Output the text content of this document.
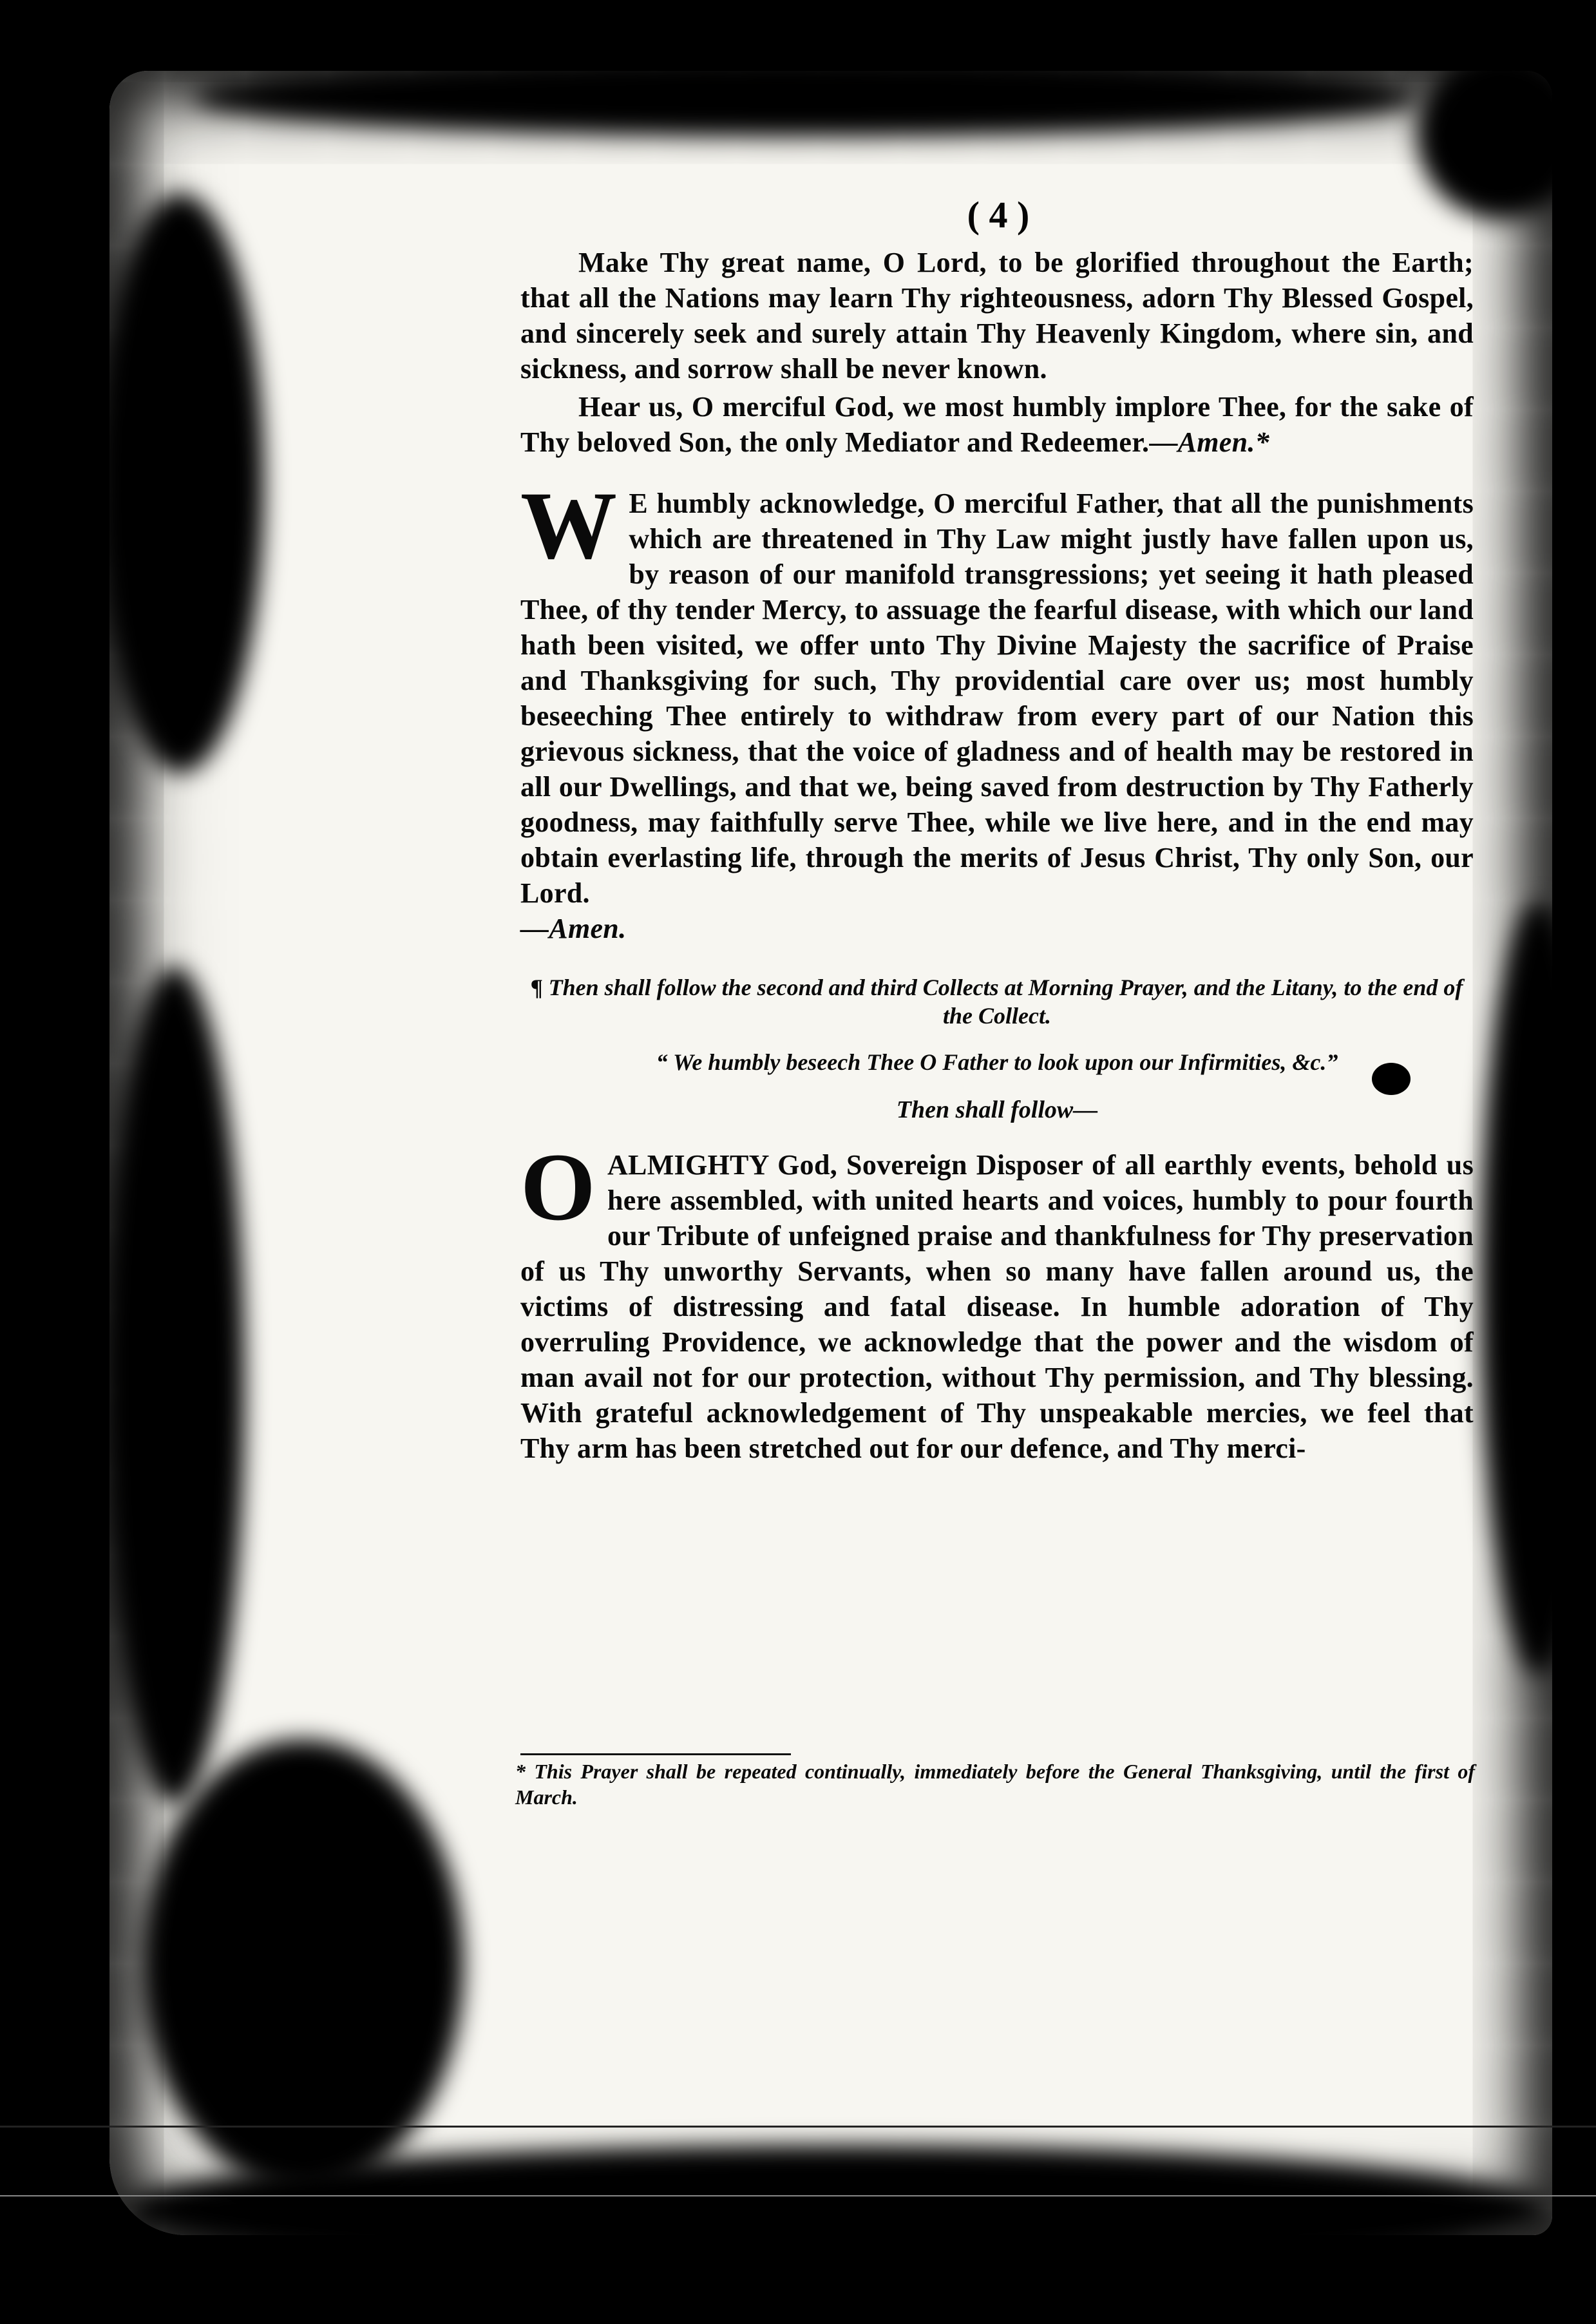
( 4 )

Make Thy great name, O Lord, to be glorified throughout the Earth; that all the Nations may learn Thy righteousness, adorn Thy Blessed Gospel, and sincerely seek and surely attain Thy Heavenly Kingdom, where sin, and sickness, and sorrow shall be never known.

Hear us, O merciful God, we most humbly implore Thee, for the sake of Thy beloved Son, the only Mediator and Redeemer.—Amen.*

W E humbly acknowledge, O merciful Father, that all the punishments which are threatened in Thy Law might justly have fallen upon us, by reason of our manifold transgressions; yet seeing it hath pleased Thee, of thy tender Mercy, to assuage the fearful disease, with which our land hath been visited, we offer unto Thy Divine Majesty the sacrifice of Praise and Thanksgiving for such, Thy providential care over us; most humbly beseeching Thee entirely to withdraw from every part of our Nation this grievous sickness, that the voice of gladness and of health may be restored in all our Dwellings, and that we, being saved from destruction by Thy Fatherly goodness, may faithfully serve Thee, while we live here, and in the end may obtain everlasting life, through the merits of Jesus Christ, Thy only Son, our Lord.
—Amen.

¶ Then shall follow the second and third Collects at Morning Prayer, and the Litany, to the end of the Collect.

“ We humbly beseech Thee O Father to look upon our Infirmities, &c.”

Then shall follow—

OALMIGHTY God, Sovereign Disposer of all earthly events, behold us here assembled, with united hearts and voices, humbly to pour fourth our Tribute of unfeigned praise and thankfulness for Thy preservation of us Thy unworthy Servants, when so many have fallen around us, the victims of distressing and fatal disease. In humble adoration of Thy overruling Providence, we acknowledge that the power and the wisdom of man avail not for our protection, without Thy permission, and Thy blessing. With grateful acknowledgement of Thy unspeakable mercies, we feel that Thy arm has been stretched out for our defence, and Thy merci-

* This Prayer shall be repeated continually, immediately before the General Thanksgiving, until the first of March.
